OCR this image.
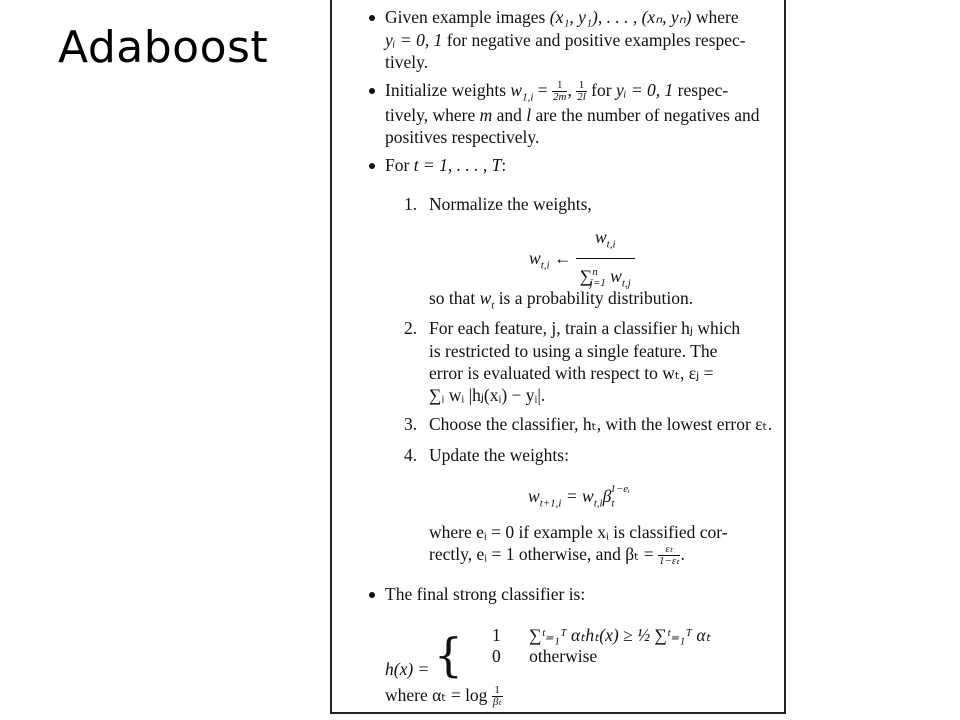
Adaboost
Given example images (x₁, y₁), . . . , (xₙ, yₙ) where
yᵢ = 0, 1 for negative and positive examples respec-
tively.
Initialize weights $w_{1,i} = \frac{1}{2m}$ , $\frac{1}{2l}$ for yᵢ = 0, 1 respec-
tively, where m and l are the number of negatives and
positives respectively.
For t = 1, . . . , T:
1. Normalize the weights,
$w_{t,i}$ ← $\frac{w_{t,i}}{\sum^n_{j=1} w_{t,j}}$
so that $w_t$ is a probability distribution.
2. For each feature, j, train a classifier hⱼ which
is restricted to using a single feature. The
error is evaluated with respect to wₜ, εⱼ =
∑ᵢ wᵢ |hⱼ(xᵢ) − yᵢ|.
3. Choose the classifier, hₜ, with the lowest error εₜ.
4. Update the weights:
$w_{t+1,i} = w_{t,i}\beta_t^{1-eᵢ}$
where eᵢ = 0 if example xᵢ is classified cor-
rectly, eᵢ = 1 otherwise, and $\beta_t = \frac{\text{εₜ}}{\text{1−εₜ}}$ .
The final strong classifier is:
h(x) = { 1 ∑ᵗ₌₁ᵀ αₜhₜ(x) ≥ ½ ∑ᵗ₌₁ᵀ αₜ
0 otherwise
where $\alpha_t = \log \frac{1}{\text{βₜ}}$
